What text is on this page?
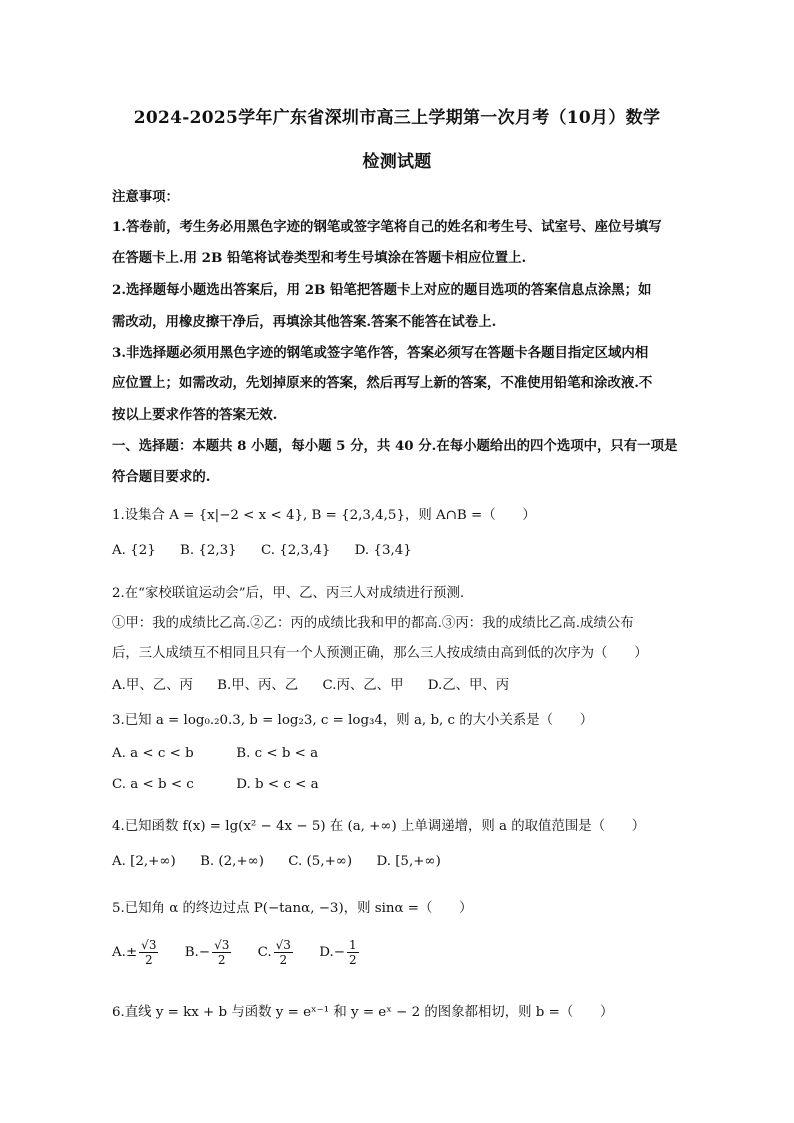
2024-2025学年广东省深圳市高三上学期第一次月考（10月）数学
检测试题
注意事项：
1.答卷前，考生务必用黑色字迹的钢笔或签字笔将自己的姓名和考生号、试室号、座位号填写
在答题卡上.用 2B 铅笔将试卷类型和考生号填涂在答题卡相应位置上.
2.选择题每小题选出答案后，用 2B 铅笔把答题卡上对应的题目选项的答案信息点涂黑；如
需改动，用橡皮擦干净后，再填涂其他答案.答案不能答在试卷上.
3.非选择题必须用黑色字迹的钢笔或签字笔作答，答案必须写在答题卡各题目指定区域内相
应位置上；如需改动，先划掉原来的答案，然后再写上新的答案，不准使用铅笔和涂改液.不
按以上要求作答的答案无效.
一、选择题：本题共 8 小题，每小题 5 分，共 40 分.在每小题给出的四个选项中，只有一项是
符合题目要求的.
1.设集合 A = {x|−2 < x < 4}, B = {2,3,4,5}，则 A∩B =（　　）
A. {2} B. {2,3} C. {2,3,4} D. {3,4}
2.在“家校联谊运动会”后，甲、乙、丙三人对成绩进行预测.
①甲：我的成绩比乙高.②乙：丙的成绩比我和甲的都高.③丙：我的成绩比乙高.成绩公布
后，三人成绩互不相同且只有一个人预测正确，那么三人按成绩由高到低的次序为（　　）
A.甲、乙、丙 B.甲、丙、乙 C.丙、乙、甲 D.乙、甲、丙
3.已知 a = log₀.₂0.3, b = log₂3, c = log₃4，则 a, b, c 的大小关系是（　　）
A. a < c < b	B. c < b < a
C. a < b < c	D. b < c < a
4.已知函数 f(x) = lg(x² − 4x − 5) 在 (a, +∞) 上单调递增，则 a 的取值范围是（　　）
A. [2,+∞) B. (2,+∞) C. (5,+∞) D. [5,+∞)
5.已知角 α 的终边过点 P(−tanα, −3)，则 sinα =（　　）
$A.\pm \frac{√3}{2} B.- \frac{√3}{2} C$. $\frac{√3}{2} D.- \frac{1}{2}$
6.直线 y = kx + b 与函数 y = eˣ⁻¹ 和 y = eˣ − 2 的图象都相切，则 b =（　　）
